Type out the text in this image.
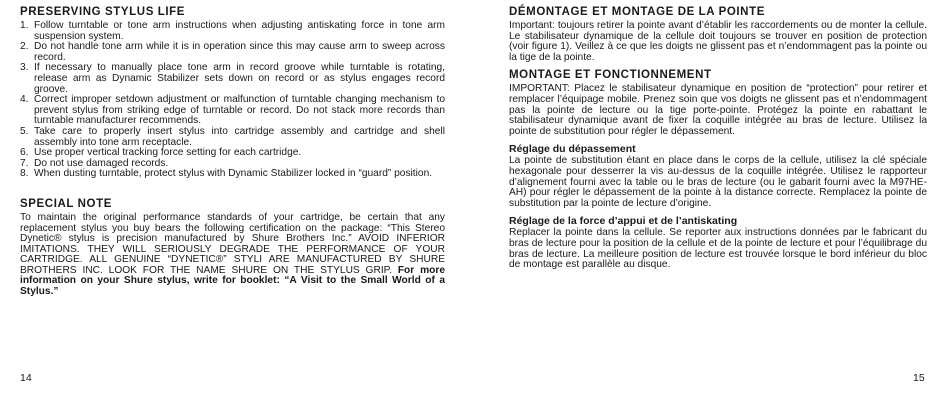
PRESERVING STYLUS LIFE
1. Follow turntable or tone arm instructions when adjusting antiskating force in tone arm suspension system.
2. Do not handle tone arm while it is in operation since this may cause arm to sweep across record.
3. If necessary to manually place tone arm in record groove while turntable is rotating, release arm as Dynamic Stabilizer sets down on record or as stylus engages record groove.
4. Correct improper setdown adjustment or malfunction of turntable changing mechanism to prevent stylus from striking edge of turntable or record. Do not stack more records than turntable manufacturer recommends.
5. Take care to properly insert stylus into cartridge assembly and cartridge and shell assembly into tone arm receptacle.
6. Use proper vertical tracking force setting for each cartridge.
7. Do not use damaged records.
8. When dusting turntable, protect stylus with Dynamic Stabilizer locked in “guard” position.
SPECIAL NOTE

To maintain the original performance standards of your cartridge, be certain that any replacement stylus you buy bears the following certification on the package: “This Stereo Dynetic® stylus is precision manufactured by Shure Brothers Inc.” AVOID INFERIOR IMITATIONS. THEY WILL SERIOUSLY DEGRADE THE PERFORMANCE OF YOUR CARTRIDGE. ALL GENUINE “DYNETIC®” STYLI ARE MANUFACTURED BY SHURE BROTHERS INC. LOOK FOR THE NAME SHURE ON THE STYLUS GRIP. For more information on your Shure stylus, write for booklet: “A Visit to the Small World of a Stylus.”

DÉMONTAGE ET MONTAGE DE LA POINTE

Important: toujours retirer la pointe avant d’établir les raccordements ou de monter la cellule. Le stabilisateur dynamique de la cellule doit toujours se trouver en position de protection (voir figure 1). Veillez à ce que les doigts ne glissent pas et n’endommagent pas la pointe ou la tige de la pointe.

MONTAGE ET FONCTIONNEMENT

IMPORTANT: Placez le stabilisateur dynamique en position de “protection” pour retirer et remplacer l’équipage mobile. Prenez soin que vos doigts ne glissent pas et n’endommagent pas la pointe de lecture ou la tige porte-pointe. Protégez la pointe en rabattant le stabilisateur dynamique avant de fixer la coquille intégrée au bras de lecture. Utilisez la pointe de substitution pour régler le dépassement.

Réglage du dépassement

La pointe de substitution étant en place dans le corps de la cellule, utilisez la clé spéciale hexagonale pour desserrer la vis au-dessus de la coquille intégrée. Utilisez le rapporteur d’alignement fourni avec la table ou le bras de lecture (ou le gabarit fourni avec la M97HE-AH) pour régler le dépassement de la pointe à la distance correcte. Remplacez la pointe de substitution par la pointe de lecture d’origine.

Réglage de la force d’appui et de l’antiskating

Replacer la pointe dans la cellule. Se reporter aux instructions données par le fabricant du bras de lecture pour la position de la cellule et de la pointe de lecture et pour l’équilibrage du bras de lecture. La meilleure position de lecture est trouvée lorsque le bord inférieur du bloc de montage est parallèle au disque.

14	15
